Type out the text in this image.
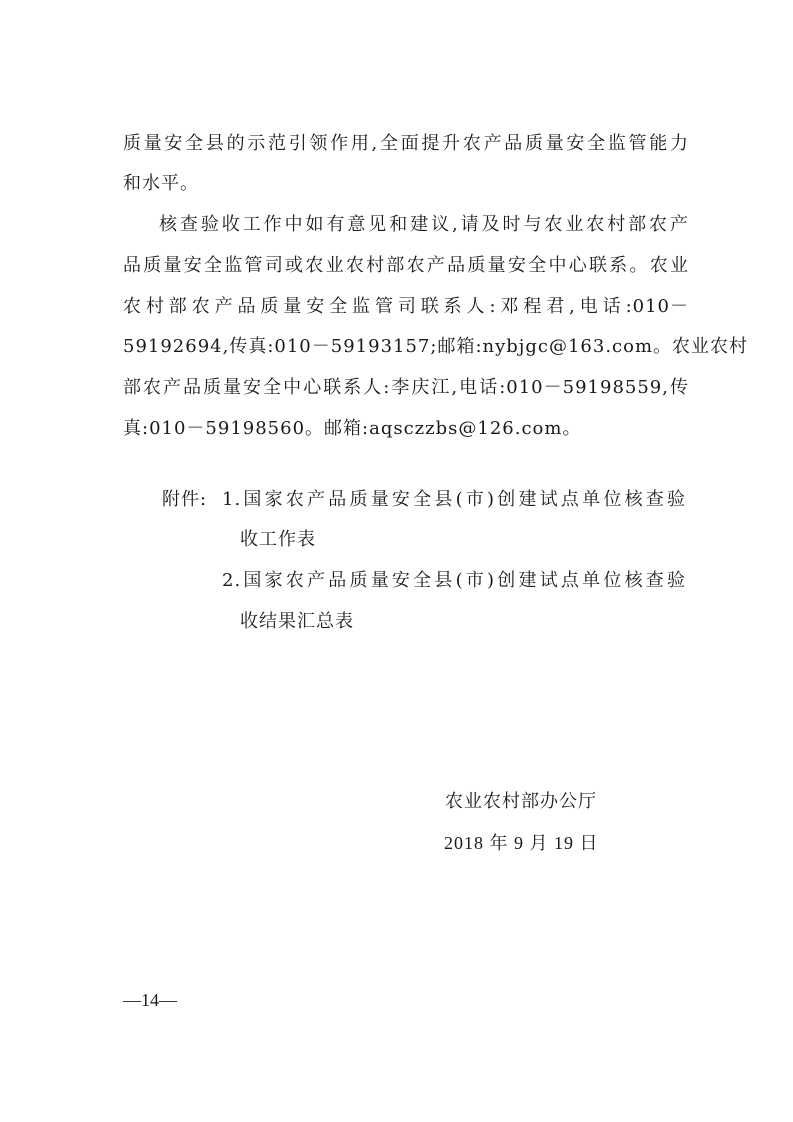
质量安全县的示范引领作用,全面提升农产品质量安全监管能力
和水平。
核查验收工作中如有意见和建议,请及时与农业农村部农产
品质量安全监管司或农业农村部农产品质量安全中心联系。农业
农村部农产品质量安全监管司联系人:邓程君,电话:010－
59192694,传真:010－59193157;邮箱:nybjgc@163.com。农业农村
部农产品质量安全中心联系人:李庆江,电话:010－59198559,传
真:010－59198560。邮箱:aqsczzbs@126.com。
附件: 1.国家农产品质量安全县(市)创建试点单位核查验
收工作表
2.国家农产品质量安全县(市)创建试点单位核查验
收结果汇总表
农业农村部办公厅
2018 年 9 月 19 日
—14—
